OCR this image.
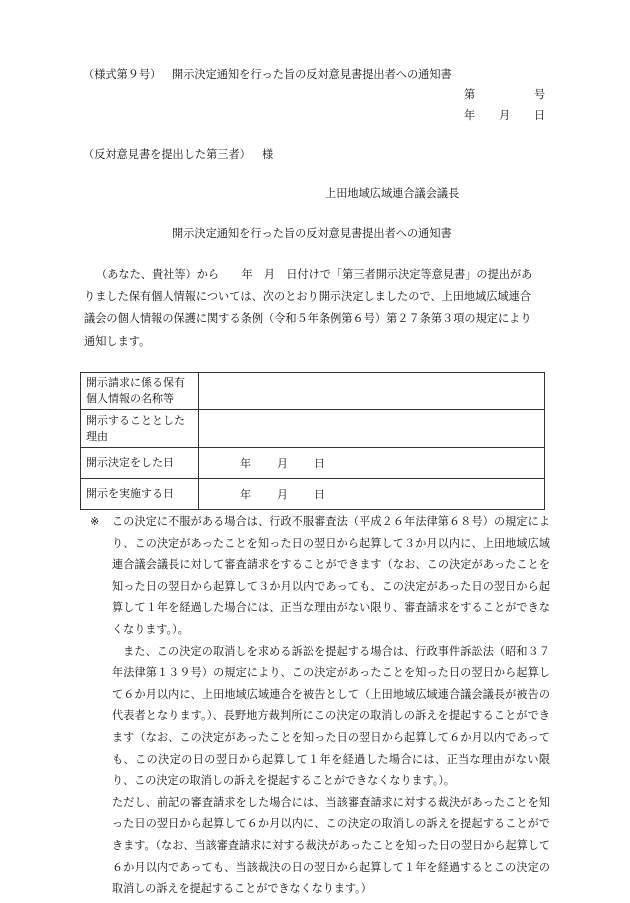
（様式第９号） 開示決定通知を行った旨の反対意見書提出者への通知書
第	号
年 月 日
（反対意見書を提出した第三者） 様
上田地域広域連合議会議長
開示決定通知を行った旨の反対意見書提出者への通知書
（あなた、貴社等）から　　年　月　日付けで「第三者開示決定等意見書」の提出があ
りました保有個人情報については、次のとおり開示決定しましたので、上田地域広域連合
議会の個人情報の保護に関する条例（令和５年条例第６号）第２７条第３項の規定により
通知します。
開示請求に係る保有個人情報の名称等	
開示することとした理由	
開示決定をした日	年 月 日

開示を実施する日	年 月 日
※ この決定に不服がある場合は、行政不服審査法（平成２６年法律第６８号）の規定により、この決定があったことを知った日の翌日から起算して３か月以内に、上田地域広域連合議会議長に対して審査請求をすることができます（なお、この決定があったことを知った日の翌日から起算して３か月以内であっても、この決定があった日の翌日から起算して１年を経過した場合には、正当な理由がない限り、審査請求をすることができなくなります。）。

また、この決定の取消しを求める訴訟を提起する場合は、行政事件訴訟法（昭和３７年法律第１３９号）の規定により、この決定があったことを知った日の翌日から起算して６か月以内に、上田地域広域連合を被告として（上田地域広域連合議会議長が被告の代表者となります。）、長野地方裁判所にこの決定の取消しの訴えを提起することができます（なお、この決定があったことを知った日の翌日から起算して６か月以内であっても、この決定の日の翌日から起算して１年を経過した場合には、正当な理由がない限り、この決定の取消しの訴えを提起することができなくなります。）。

ただし、前記の審査請求をした場合には、当該審査請求に対する裁決があったことを知った日の翌日から起算して６か月以内に、この決定の取消しの訴えを提起することができます。（なお、当該審査請求に対する裁決があったことを知った日の翌日から起算して６か月以内であっても、当該裁決の日の翌日から起算して１年を経過するとこの決定の取消しの訴えを提起することができなくなります。）
